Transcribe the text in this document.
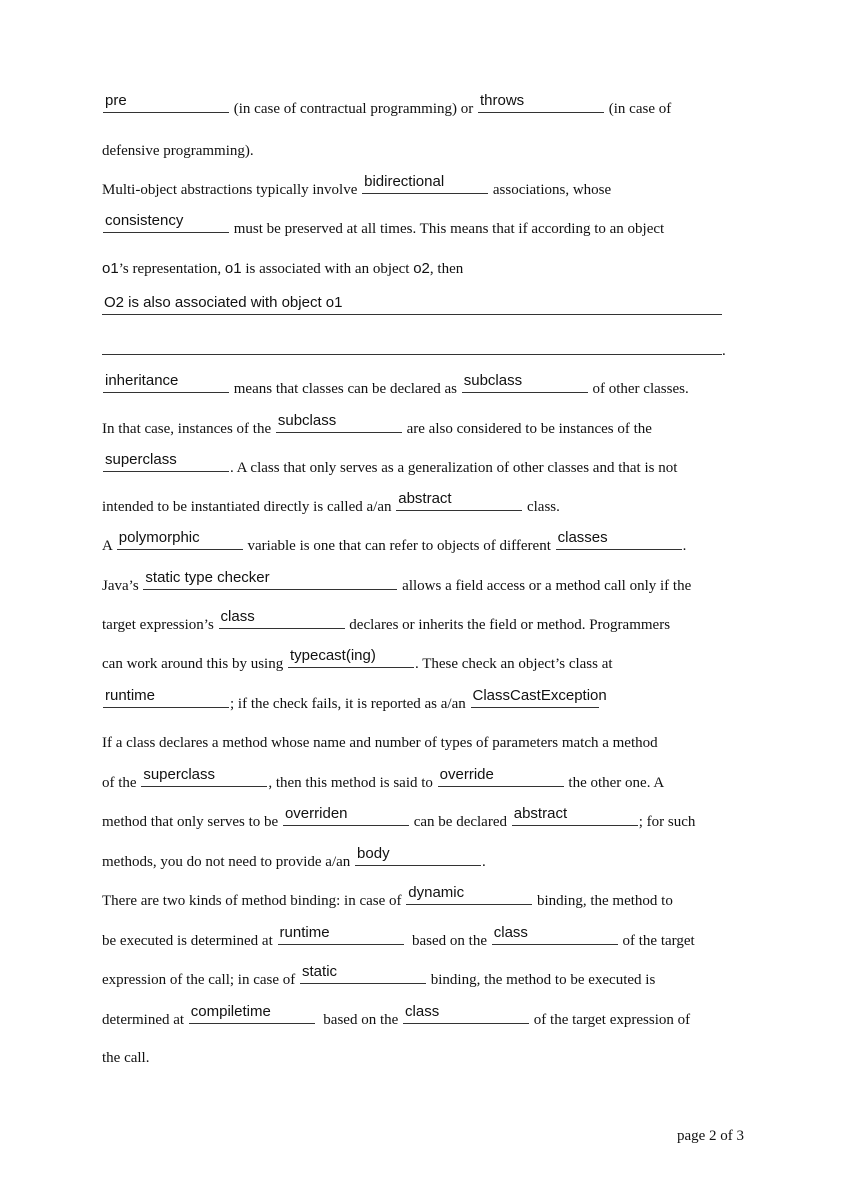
pre	(in case of contractual programming) or throws	(in case of
defensive programming).
Multi-object abstractions typically involve bidirectional	associations, whose
consistency	must be preserved at all times. This means that if according to an object
o1’s representation, o1 is associated with an object o2, then
O2 is also associated with object o1
.
inheritance	means that classes can be declared as subclass	of other classes.
In that case, instances of the subclass	are also considered to be instances of the
superclass	. A class that only serves as a generalization of other classes and that is not
intended to be instantiated directly is called a/an abstract	class.
A polymorphic	variable is one that can refer to objects of different classes	.
Java’s static type checker	allows a field access or a method call only if the
target expression’s class	declares or inherits the field or method. Programmers
can work around this by using typecast(ing)	. These check an object’s class at
runtime	; if the check fails, it is reported as a/an ClassCastException
If a class declares a method whose name and number of types of parameters match a method
of the superclass	, then this method is said to override	the other one. A
method that only serves to be overriden	can be declared abstract	; for such
methods, you do not need to provide a/an body	.
There are two kinds of method binding: in case of dynamic	binding, the method to
be executed is determined at runtime	based on the class	of the target
expression of the call; in case of static	binding, the method to be executed is
determined at compiletime	based on the class	of the target expression of
the call.
page 2 of 3
